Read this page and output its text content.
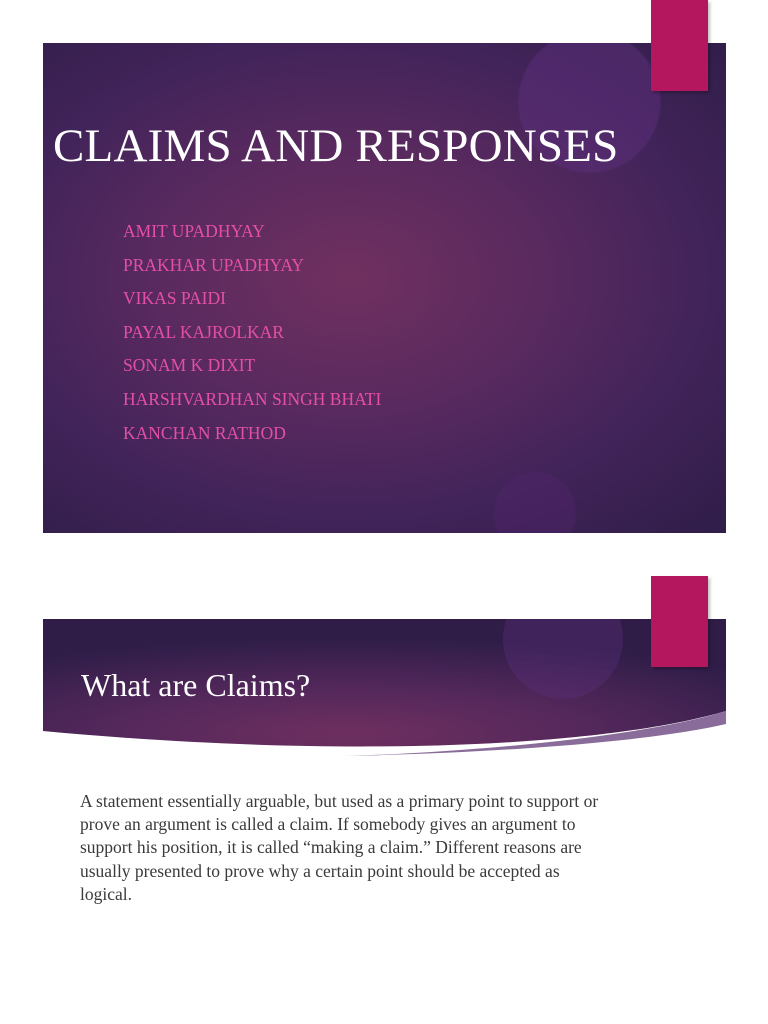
CLAIMS AND RESPONSES
AMIT UPADHYAY
PRAKHAR UPADHYAY
VIKAS PAIDI
PAYAL KAJROLKAR
SONAM K DIXIT
HARSHVARDHAN SINGH BHATI
KANCHAN RATHOD
What are Claims?

A statement essentially arguable, but used as a primary point to support or prove an argument is called a claim. If somebody gives an argument to support his position, it is called “making a claim.” Different reasons are usually presented to prove why a certain point should be accepted as logical.
